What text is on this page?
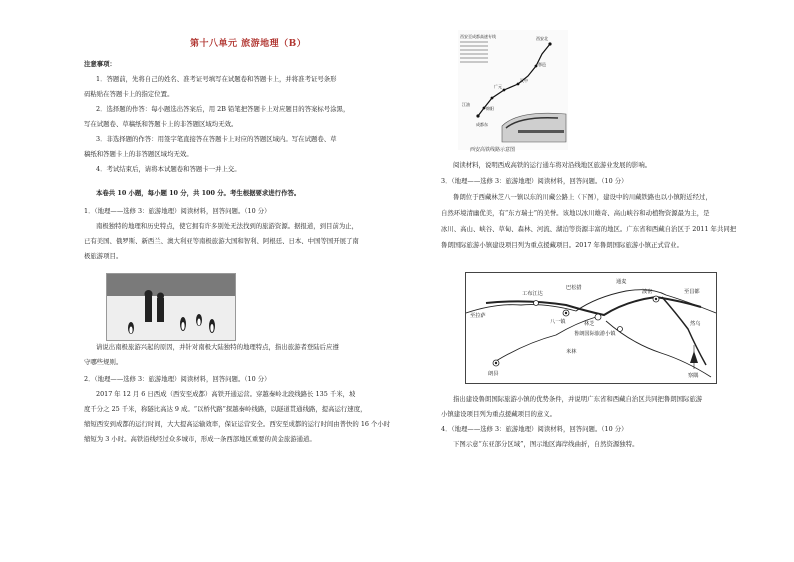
第十八单元 旅游地理（B）
注意事项：
1．答题前，先将自己的姓名、准考证号填写在试题卷和答题卡上，并将准考证号条形
码粘贴在答题卡上的指定位置。
2．选择题的作答：每小题选出答案后，用 2B 铅笔把答题卡上对应题目的答案标号涂黑，
写在试题卷、草稿纸和答题卡上的非答题区域均无效。
3．非选择题的作答：用签字笔直接答在答题卡上对应的答题区域内。写在试题卷、草
稿纸和答题卡上的非答题区域均无效。
4．考试结束后，请将本试题卷和答题卡一并上交。
本卷共 10 小题，每小题 10 分，共 100 分。考生根据要求进行作答。
1．（地理——选修 3：旅游地理）阅读材料，回答问题。（10 分）
南极独特的地理和历史特点，使它拥有许多别处无法找到的旅游资源。据报道，到目前为止，
已有美国、俄罗斯、新西兰、澳大利亚等南极旅游大国和智利、阿根廷、日本、中国等国开展了南
极旅游项目。
请说出南极旅游兴起的原因，并针对南极大陆独特的地理特点，指出旅游者登陆后应遵
守哪些规则。
2．（地理——选修 3：旅游地理）阅读材料，回答问题。（10 分）
2017 年 12 月 6 日西成（西安至成都）高铁开通运营。穿越秦岭北段线路长 135 千米，坡
度千分之 25 千米，称隧比高达 9 成。“以桥代路”探越秦岭线路，以隧道贯通线路，提高运行速度，
缩短西安到成都的运行时间，大大提高运输效率，保证运营安全。西安至成都的运行时间由普快的 16 个小时
缩短为 3 小时。高铁沿线经过众多城市，形成一条西部地区重要的黄金旅游通道。
西安至成都高速专线	西安北
鄠邑
汉中
广元
江油
绵阳
成都东
西安高铁线路示意图
阅读材料，说明西成高铁的运行通车将对沿线地区旅游业发展的影响。
3．（地理——选修 3：旅游地理）阅读材料，回答问题。（10 分）
鲁朗位于西藏林芝八一镇以东的川藏公路上（下图），建设中的川藏铁路也以小镇附近经过，
自然环境清幽优美，有“东方瑞士”的美誉。该地以冰川雄奇、高山峡谷和动植物资源最为主，是
冰川、高山、峡谷、草甸、森林、河流、湖泊等资源丰富的地区。广东省和西藏自治区于 2011 年共同把
鲁朗国际旅游小镇建设项目列为重点援藏项目。2017 年鲁朗国际旅游小镇正式营业。
工布江达
巴松措
至拉萨
八一镇
鲁朗国际旅游小镇
林芝
米林
朗县
通麦
波密	至昌都
然乌
察隅
指出建设鲁朗国际旅游小镇的优势条件，并说明广东省和西藏自治区共同把鲁朗国际旅游
小镇建设项目列为重点援藏项目的意义。
4．（地理——选修 3：旅游地理）阅读材料，回答问题。（10 分）
下图示意“东亚部分区域”，图示地区海岸线曲折，自然资源独特。
